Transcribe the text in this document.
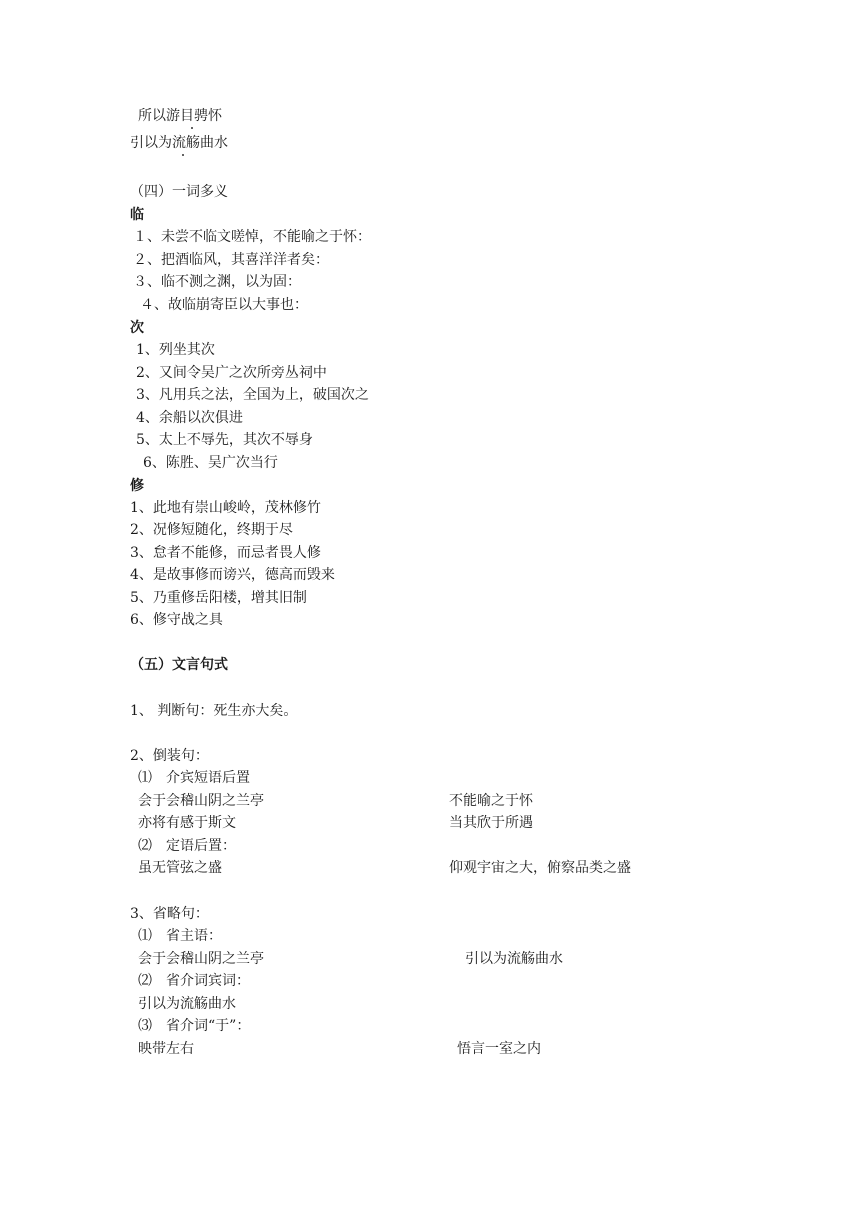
所以游目骋怀
引以为流觞曲水
（四）一词多义
临
１、未尝不临文嗟悼，不能喻之于怀：
２、把酒临风，其喜洋洋者矣：
３、临不测之渊，以为固：
４、故临崩寄臣以大事也：
次
1、列坐其次
2、又间令吴广之次所旁丛祠中
3、凡用兵之法，全国为上，破国次之
4、余船以次俱进
5、太上不辱先，其次不辱身
6、陈胜、吴广次当行
修
1、此地有崇山峻岭，茂林修竹
2、况修短随化，终期于尽
3、怠者不能修，而忌者畏人修
4、是故事修而谤兴，德高而毁来
5、乃重修岳阳楼，增其旧制
6、修守战之具
（五）文言句式
1、 判断句：死生亦大矣。
2、倒装句：
⑴　介宾短语后置
会于会稽山阴之兰亭	不能喻之于怀
亦将有感于斯文	当其欣于所遇
⑵　定语后置：
虽无管弦之盛	仰观宇宙之大，俯察品类之盛
3、省略句：
⑴　省主语：
会于会稽山阴之兰亭	引以为流觞曲水
⑵　省介词宾词：
引以为流觞曲水
⑶　省介词“于”：
映带左右	悟言一室之内
